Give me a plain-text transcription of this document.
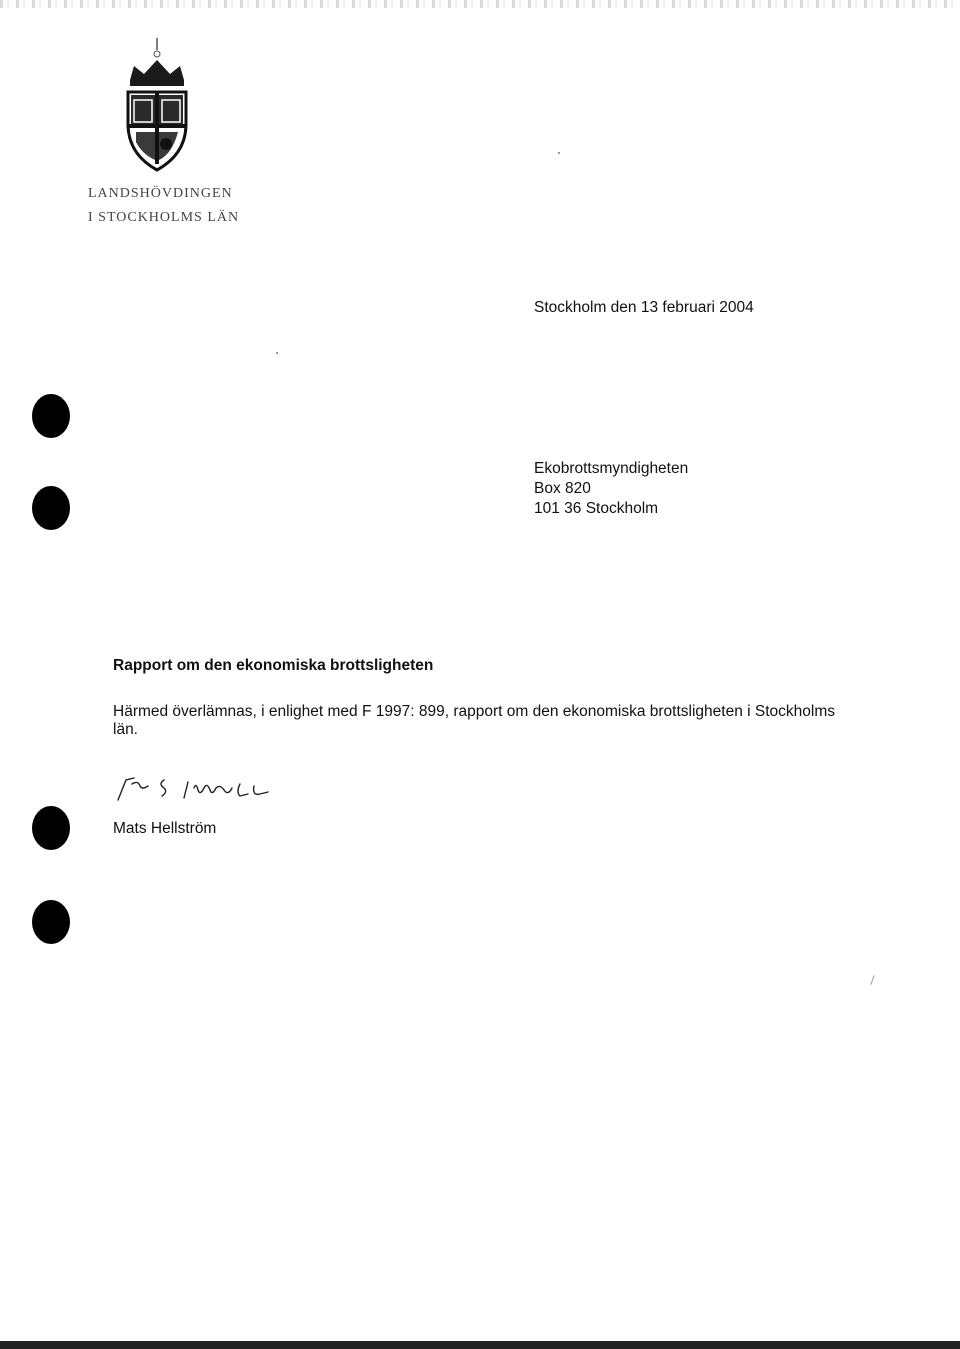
LANDSHÖVDINGEN
I STOCKHOLMS LÄN
Stockholm den 13 februari 2004
Ekobrottsmyndigheten
Box 820
101 36 Stockholm
Rapport om den ekonomiska brottsligheten
Härmed överlämnas, i enlighet med F 1997: 899, rapport om den ekonomiska brottsligheten i Stockholms län.
Mats Hellström
